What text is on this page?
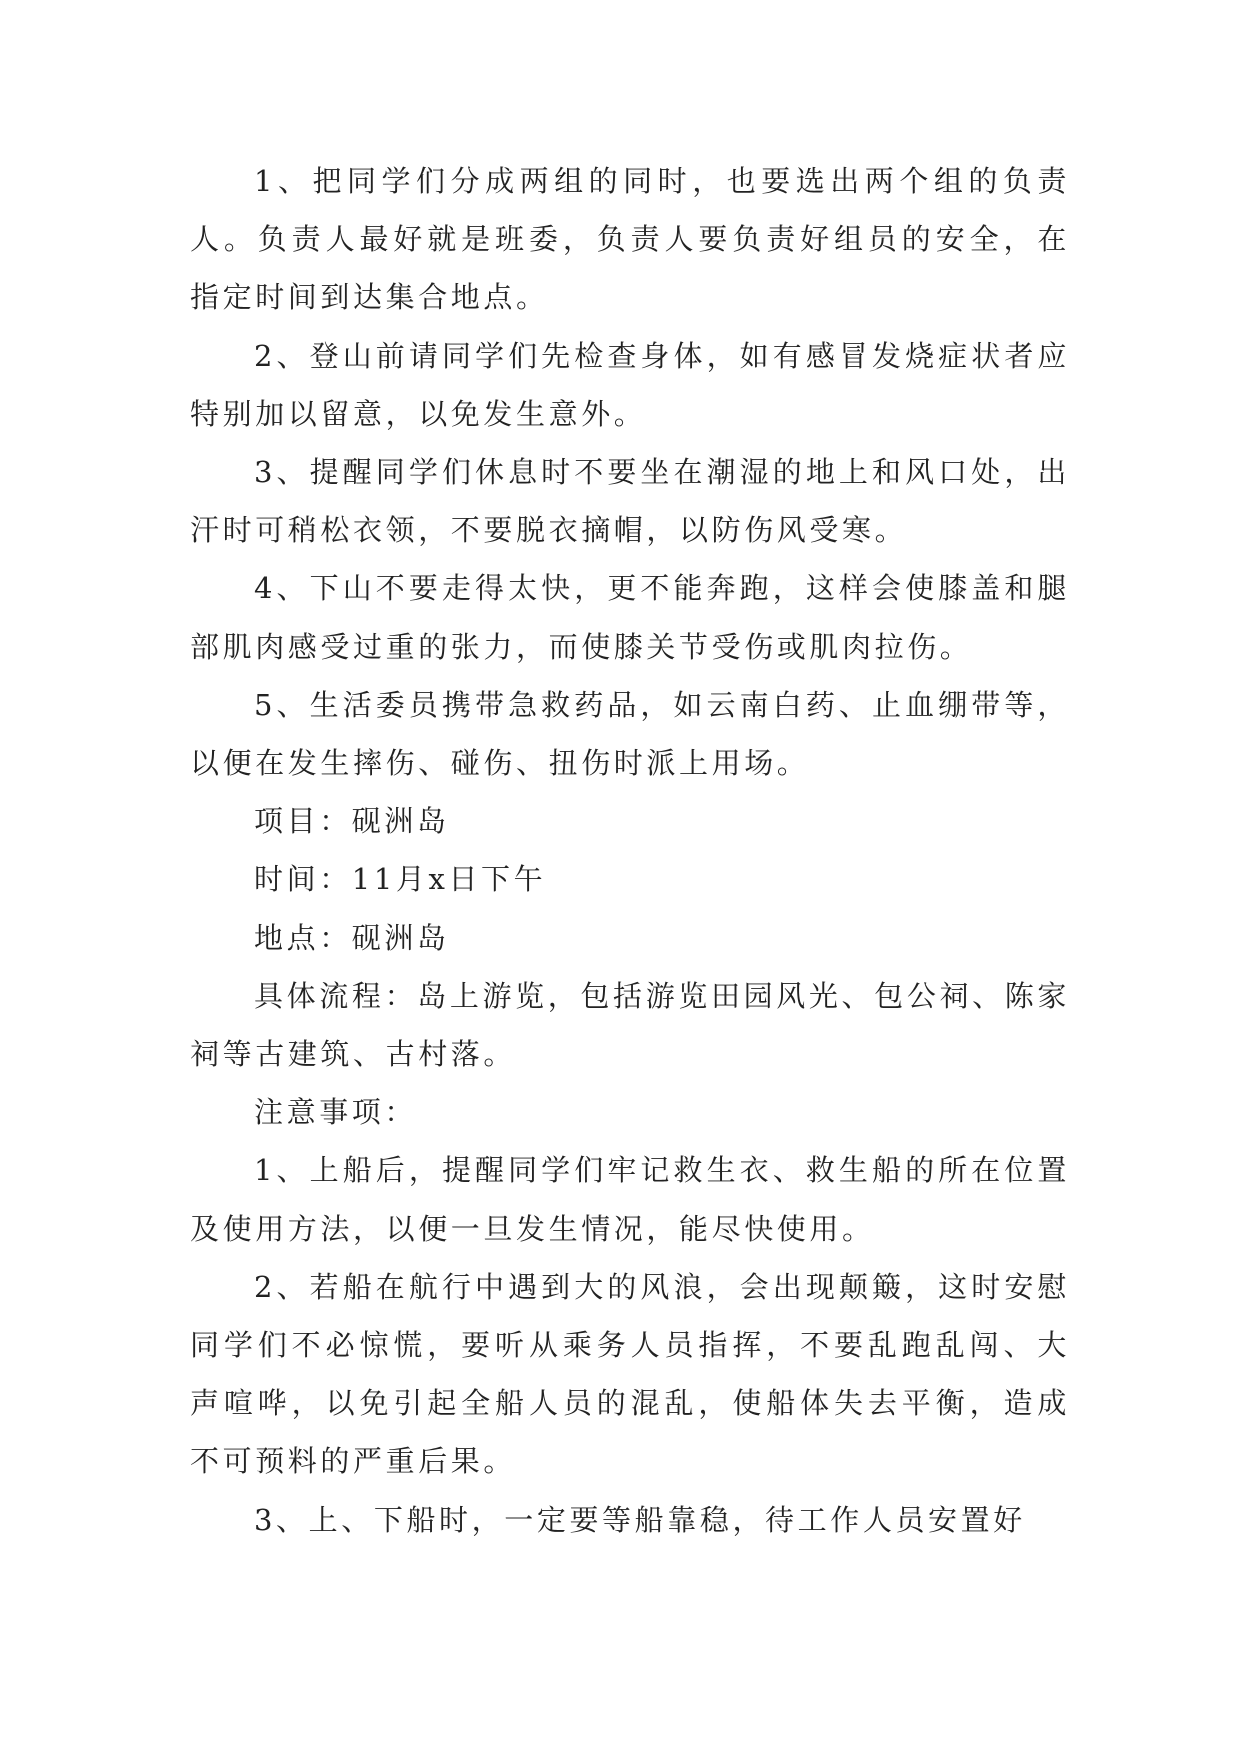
1、把同学们分成两组的同时，也要选出两个组的负责人。负责人最好就是班委，负责人要负责好组员的安全，在指定时间到达集合地点。

2、登山前请同学们先检查身体，如有感冒发烧症状者应特别加以留意，以免发生意外。

3、提醒同学们休息时不要坐在潮湿的地上和风口处，出汗时可稍松衣领，不要脱衣摘帽，以防伤风受寒。

4、下山不要走得太快，更不能奔跑，这样会使膝盖和腿部肌肉感受过重的张力，而使膝关节受伤或肌肉拉伤。

5、生活委员携带急救药品，如云南白药、止血绷带等，以便在发生摔伤、碰伤、扭伤时派上用场。

项目：砚洲岛

时间：11月x日下午

地点：砚洲岛

具体流程：岛上游览，包括游览田园风光、包公祠、陈家祠等古建筑、古村落。

注意事项：

1、上船后，提醒同学们牢记救生衣、救生船的所在位置及使用方法，以便一旦发生情况，能尽快使用。

2、若船在航行中遇到大的风浪，会出现颠簸，这时安慰同学们不必惊慌，要听从乘务人员指挥，不要乱跑乱闯、大声喧哗，以免引起全船人员的混乱，使船体失去平衡，造成不可预料的严重后果。

3、上、下船时，一定要等船靠稳，待工作人员安置好
